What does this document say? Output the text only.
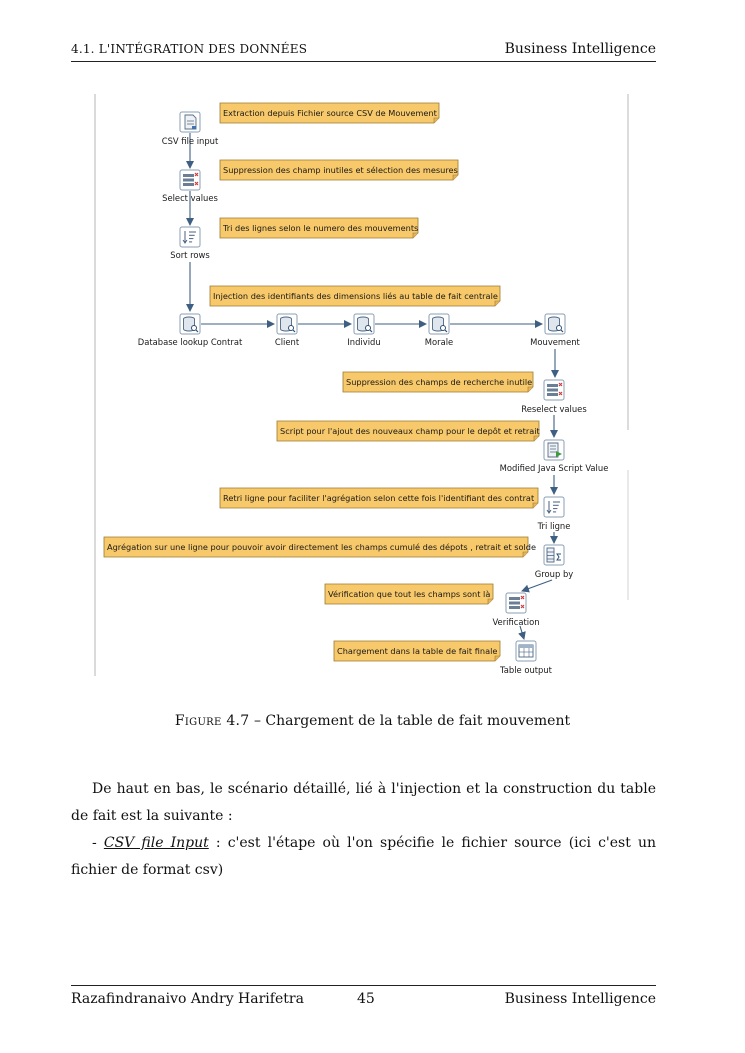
4.1. L'INTÉGRATION DES DONNÉES	Business Intelligence
Extraction depuis Fichier source CSV de Mouvement
Suppression des champ inutiles et sélection des mesures
Tri des lignes selon le numero des mouvements
Injection des identifiants des dimensions liés au table de fait centrale
Suppression des champs de recherche inutile
Script pour l'ajout des nouveaux champ pour le depôt et retrait
Retri ligne pour faciliter l'agrégation selon cette fois l'identifiant des contrat
Agrégation sur une ligne pour pouvoir avoir directement les champs cumulé des dépots , retrait et solde
Vérification que tout les champs sont là
Chargement dans la table de fait finale
CSV file input
Select values
Sort rows
Database lookup Contrat	Client	Individu	Morale	Mouvement
Reselect values
Modified Java Script Value
Tri ligne
Group by
Verification
Table output
Figure 4.7 – Chargement de la table de fait mouvement
De haut en bas, le scénario détaillé, lié à l'injection et la construction du table de fait est la suivante :
- CSV file Input : c'est l'étape où l'on spécifie le fichier source (ici c'est un fichier de format csv)
Razafindranaivo Andry Harifetra	45	Business Intelligence
